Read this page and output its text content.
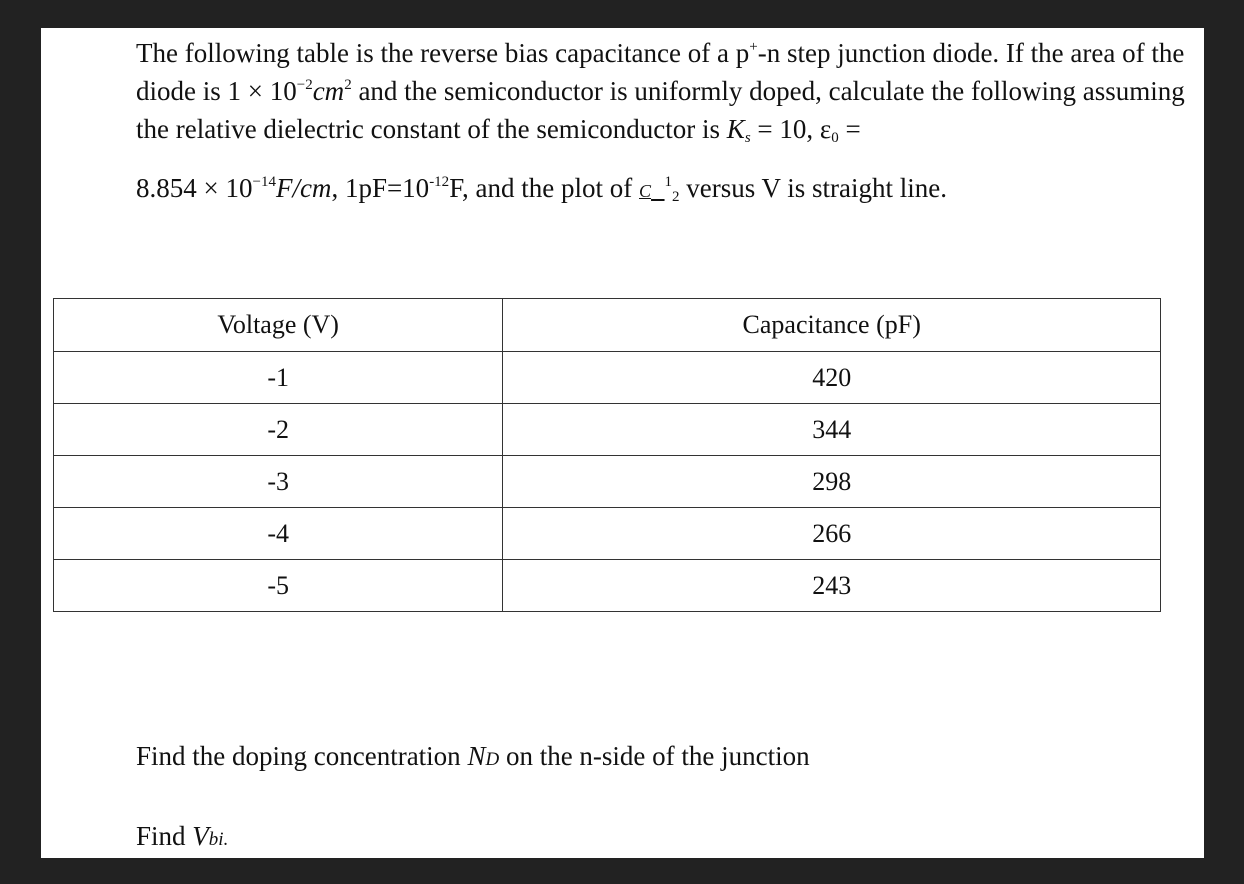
The following table is the reverse bias capacitance of a p+-n step junction diode. If the area of the diode is $1 \times 10^{-2}cm^2$ and the semiconductor is uniformly doped, calculate the following assuming the relative dielectric constant of the semiconductor is $K_s = 10$, $\varepsilon_0$ =

$8.854 \times 10^{-14}F/cm$, $1pF=10^{-12}F$, and the plot of C $^1_2$ versus V is straight line.

Voltage (V)	Capacitance (pF)
-1	420
-2	344
-3	298
-4	266
-5	243

Find the doping concentration ND on the n-side of the junction

Find Vbi.
